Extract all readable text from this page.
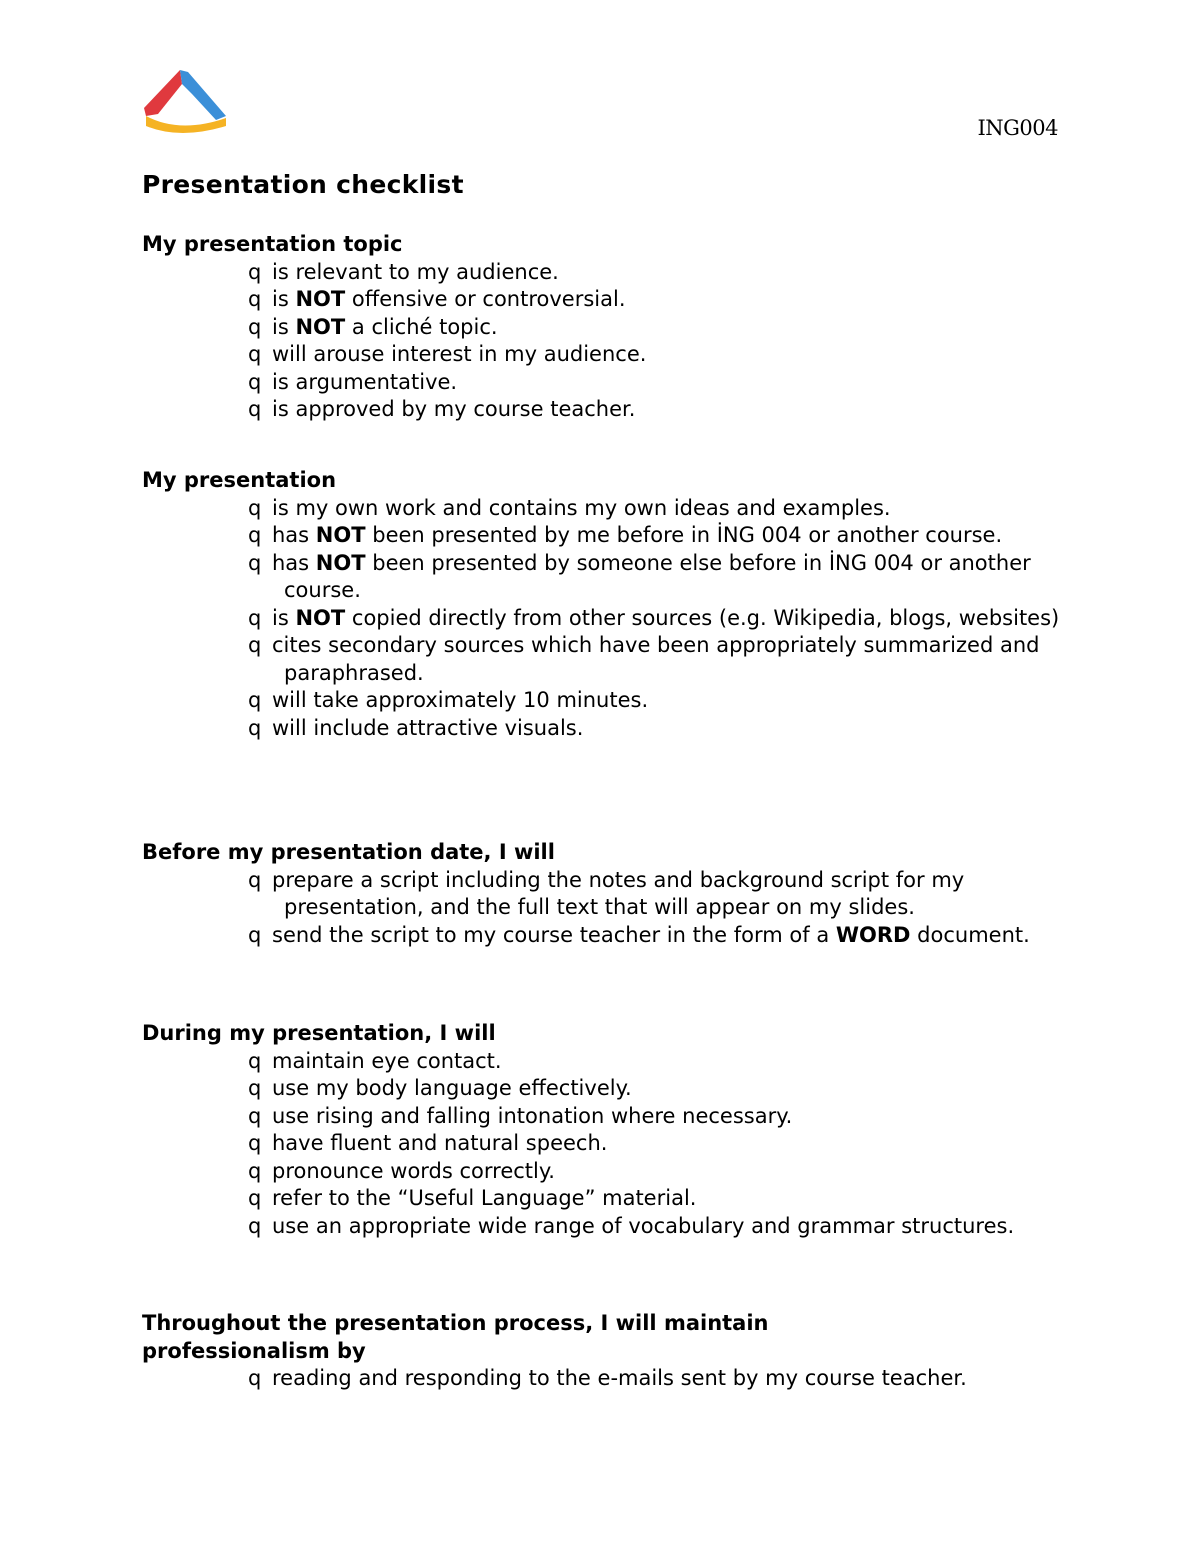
ING004
Presentation checklist
My presentation topic
q is relevant to my audience.
q is NOT offensive or controversial.
q is NOT a cliché topic.
q will arouse interest in my audience.
q is argumentative.
q is approved by my course teacher.
My presentation
q is my own work and contains my own ideas and examples.
q has NOT been presented by me before in İNG 004 or another course.
q has NOT been presented by someone else before in İNG 004 or another course.
q is NOT copied directly from other sources (e.g. Wikipedia, blogs, websites)
q cites secondary sources which have been appropriately summarized and paraphrased.
q will take approximately 10 minutes.
q will include attractive visuals.
Before my presentation date, I will
q prepare a script including the notes and background script for my presentation, and the full text that will appear on my slides.
q send the script to my course teacher in the form of a WORD document.
During my presentation, I will
q maintain eye contact.
q use my body language effectively.
q use rising and falling intonation where necessary.
q have fluent and natural speech.
q pronounce words correctly.
q refer to the “Useful Language” material.
q use an appropriate wide range of vocabulary and grammar structures.
Throughout the presentation process, I will maintain professionalism by
q reading and responding to the e-mails sent by my course teacher.
